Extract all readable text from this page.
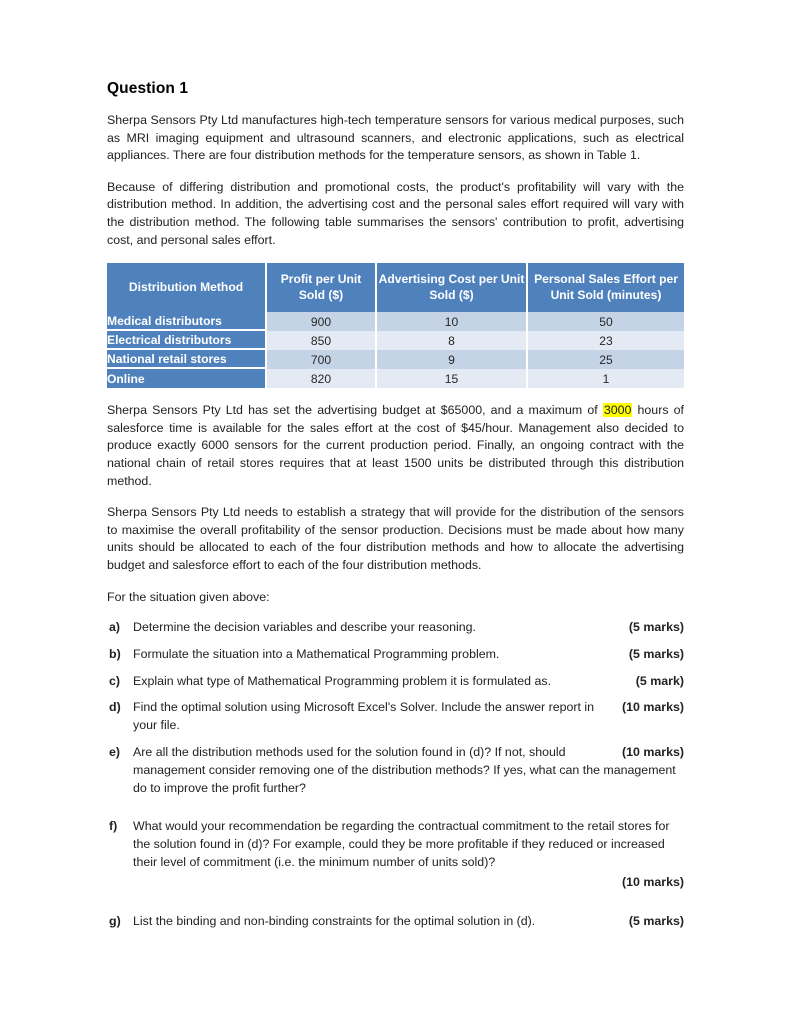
Question 1

Sherpa Sensors Pty Ltd manufactures high-tech temperature sensors for various medical purposes, such as MRI imaging equipment and ultrasound scanners, and electronic applications, such as electrical appliances. There are four distribution methods for the temperature sensors, as shown in Table 1.

Because of differing distribution and promotional costs, the product's profitability will vary with the distribution method. In addition, the advertising cost and the personal sales effort required will vary with the distribution method. The following table summarises the sensors' contribution to profit, advertising cost, and personal sales effort.

Distribution Method	Profit per Unit Sold ($)	Advertising Cost per Unit Sold ($)	Personal Sales Effort per Unit Sold (minutes)
Medical distributors	900	10	50
Electrical distributors	850	8	23
National retail stores	700	9	25
Online	820	15	1

Sherpa Sensors Pty Ltd has set the advertising budget at $65000, and a maximum of 3000 hours of salesforce time is available for the sales effort at the cost of $45/hour. Management also decided to produce exactly 6000 sensors for the current production period. Finally, an ongoing contract with the national chain of retail stores requires that at least 1500 units be distributed through this distribution method.

Sherpa Sensors Pty Ltd needs to establish a strategy that will provide for the distribution of the sensors to maximise the overall profitability of the sensor production. Decisions must be made about how many units should be allocated to each of the four distribution methods and how to allocate the advertising budget and salesforce effort to each of the four distribution methods.

For the situation given above:

a)	(5 marks)
Determine the decision variables and describe your reasoning.
b)	(5 marks)
Formulate the situation into a Mathematical Programming problem.
c)	(5 mark)
Explain what type of Mathematical Programming problem it is formulated as.
d)	(10 marks)
Find the optimal solution using Microsoft Excel's Solver. Include the answer report in your file.
e)	(10 marks)
Are all the distribution methods used for the solution found in (d)? If not, should management consider removing one of the distribution methods? If yes, what can the management do to improve the profit further?
f)	What would your recommendation be regarding the contractual commitment to the retail stores for the solution found in (d)? For example, could they be more profitable if they reduced or increased their level of commitment (i.e. the minimum number of units sold)?
(10 marks)
g)	(5 marks)
List the binding and non-binding constraints for the optimal solution in (d).
